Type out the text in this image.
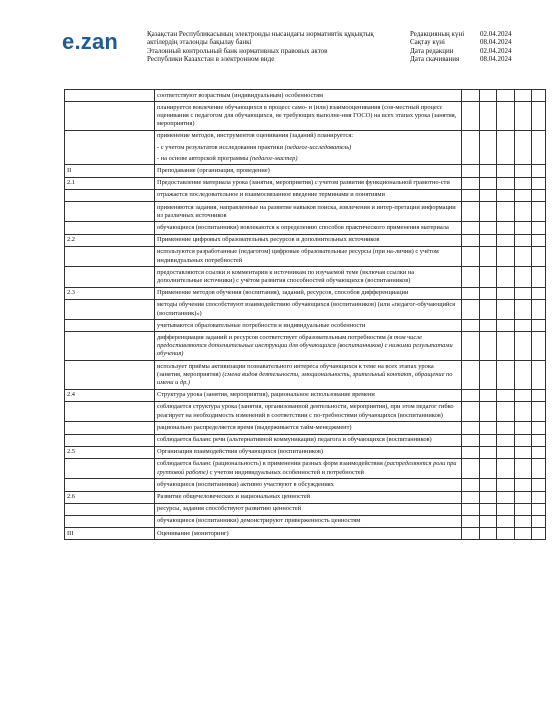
e.zan	Қазақстан Республикасының электронды нысандағы нормативтік құқықтық
актілердің эталонды бақылау банкі
Эталонный контрольный банк нормативных правовых актов
Республики Казахстан в электронном виде
Редакцияның күні	02.04.2024
Сақтау күні	08.04.2024
Дата редакции	02.04.2024
Дата скачивания	08.04.2024
	соответствуют возрастным (индивидуальным) особенностям					
	планируется вовлечение обучающихся в процесс само- и (или) взаимооценивания (сов-местный процесс оценивания с педагогом для обучающихся, не требующих выполне-ния ГОСО) на всех этапах урока (занятия, мероприятия)					
	применение методов, инструментов оценивания (заданий) планируется:
- с учетом результатов исследования практики (педагог-исследователь)
- на основе авторской программы (педагог-мастер)					

II	Преподавание (организация, проведение)					
2.1	Предоставление материала урока (занятия, мероприятия) с учетом развития функциональной грамотно-сти					
	отражается последовательное и взаимосвязанное введение терминами и понятиями					
	применяются задания, направленные на развитие навыков поиска, извлечения и интер-претации информации из различных источников					
	обучающиеся (воспитанники) вовлекаются к определению способов практического применения материала					
2.2	Применение цифровых образовательных ресурсов и дополнительных источников					
	используются разработанные (педагогом) цифровые образовательные ресурсы (при на-личии) с учётом индивидуальных потребностей					
	предоставляются ссылки и комментарии к источникам по изучаемой теме (включая ссылки на дополнительные источники) с учётом развития способностей обучающихся (воспитанников)					
2.3	Применение методов обучения (воспитания), заданий, ресурсов, способов дифференциации					
	методы обучения способствуют взаимодействию обучающихся (воспитанников) (или «педагог-обучающийся (воспитанник)»)					
	учитываются образовательные потребности и индивидуальные особенности					
	дифференциация заданий и ресурсов соответствует образовательным потребностям (в том числе предоставляются дополнительные инструкции для обучающихся (воспитанников) с низкими результатами обучения)					
	использует приёмы активизации познавательного интереса обучающихся к теме на всех этапах урока (занятия, мероприятия) (смена видов деятельности, эмоциональность, зрительный контакт, обращение по имени и др.)					
2.4	Структура урока (занятия, мероприятия), рациональное использование времени					
	соблюдается структура урока (занятия, организованной деятельности, мероприятия), при этом педагог гибко реагирует на необходимость изменений в соответствии с по-требностями обучающихся (воспитанников)					
	рационально распределяется время (выдерживается тайм-менеджмент)					
	соблюдается баланс речи (альтернативной коммуникации) педагога и обучающихся (воспитанников)					
2.5	Организация взаимодействия обучающихся (воспитанников)					
	соблюдается баланс (рациональность) в применении разных форм взаимодействия (распределяются роли при групповой работе) с учетом индивидуальных особенностей и потребностей					
	обучающиеся (воспитанники) активно участвуют в обсуждениях					
2.6	Развитие общечеловеческих и национальных ценностей					
	ресурсы, задания способствуют развитию ценностей					
	обучающиеся (воспитанники) демонстрируют приверженность ценностям					
III	Оценивание (мониторинг)					
